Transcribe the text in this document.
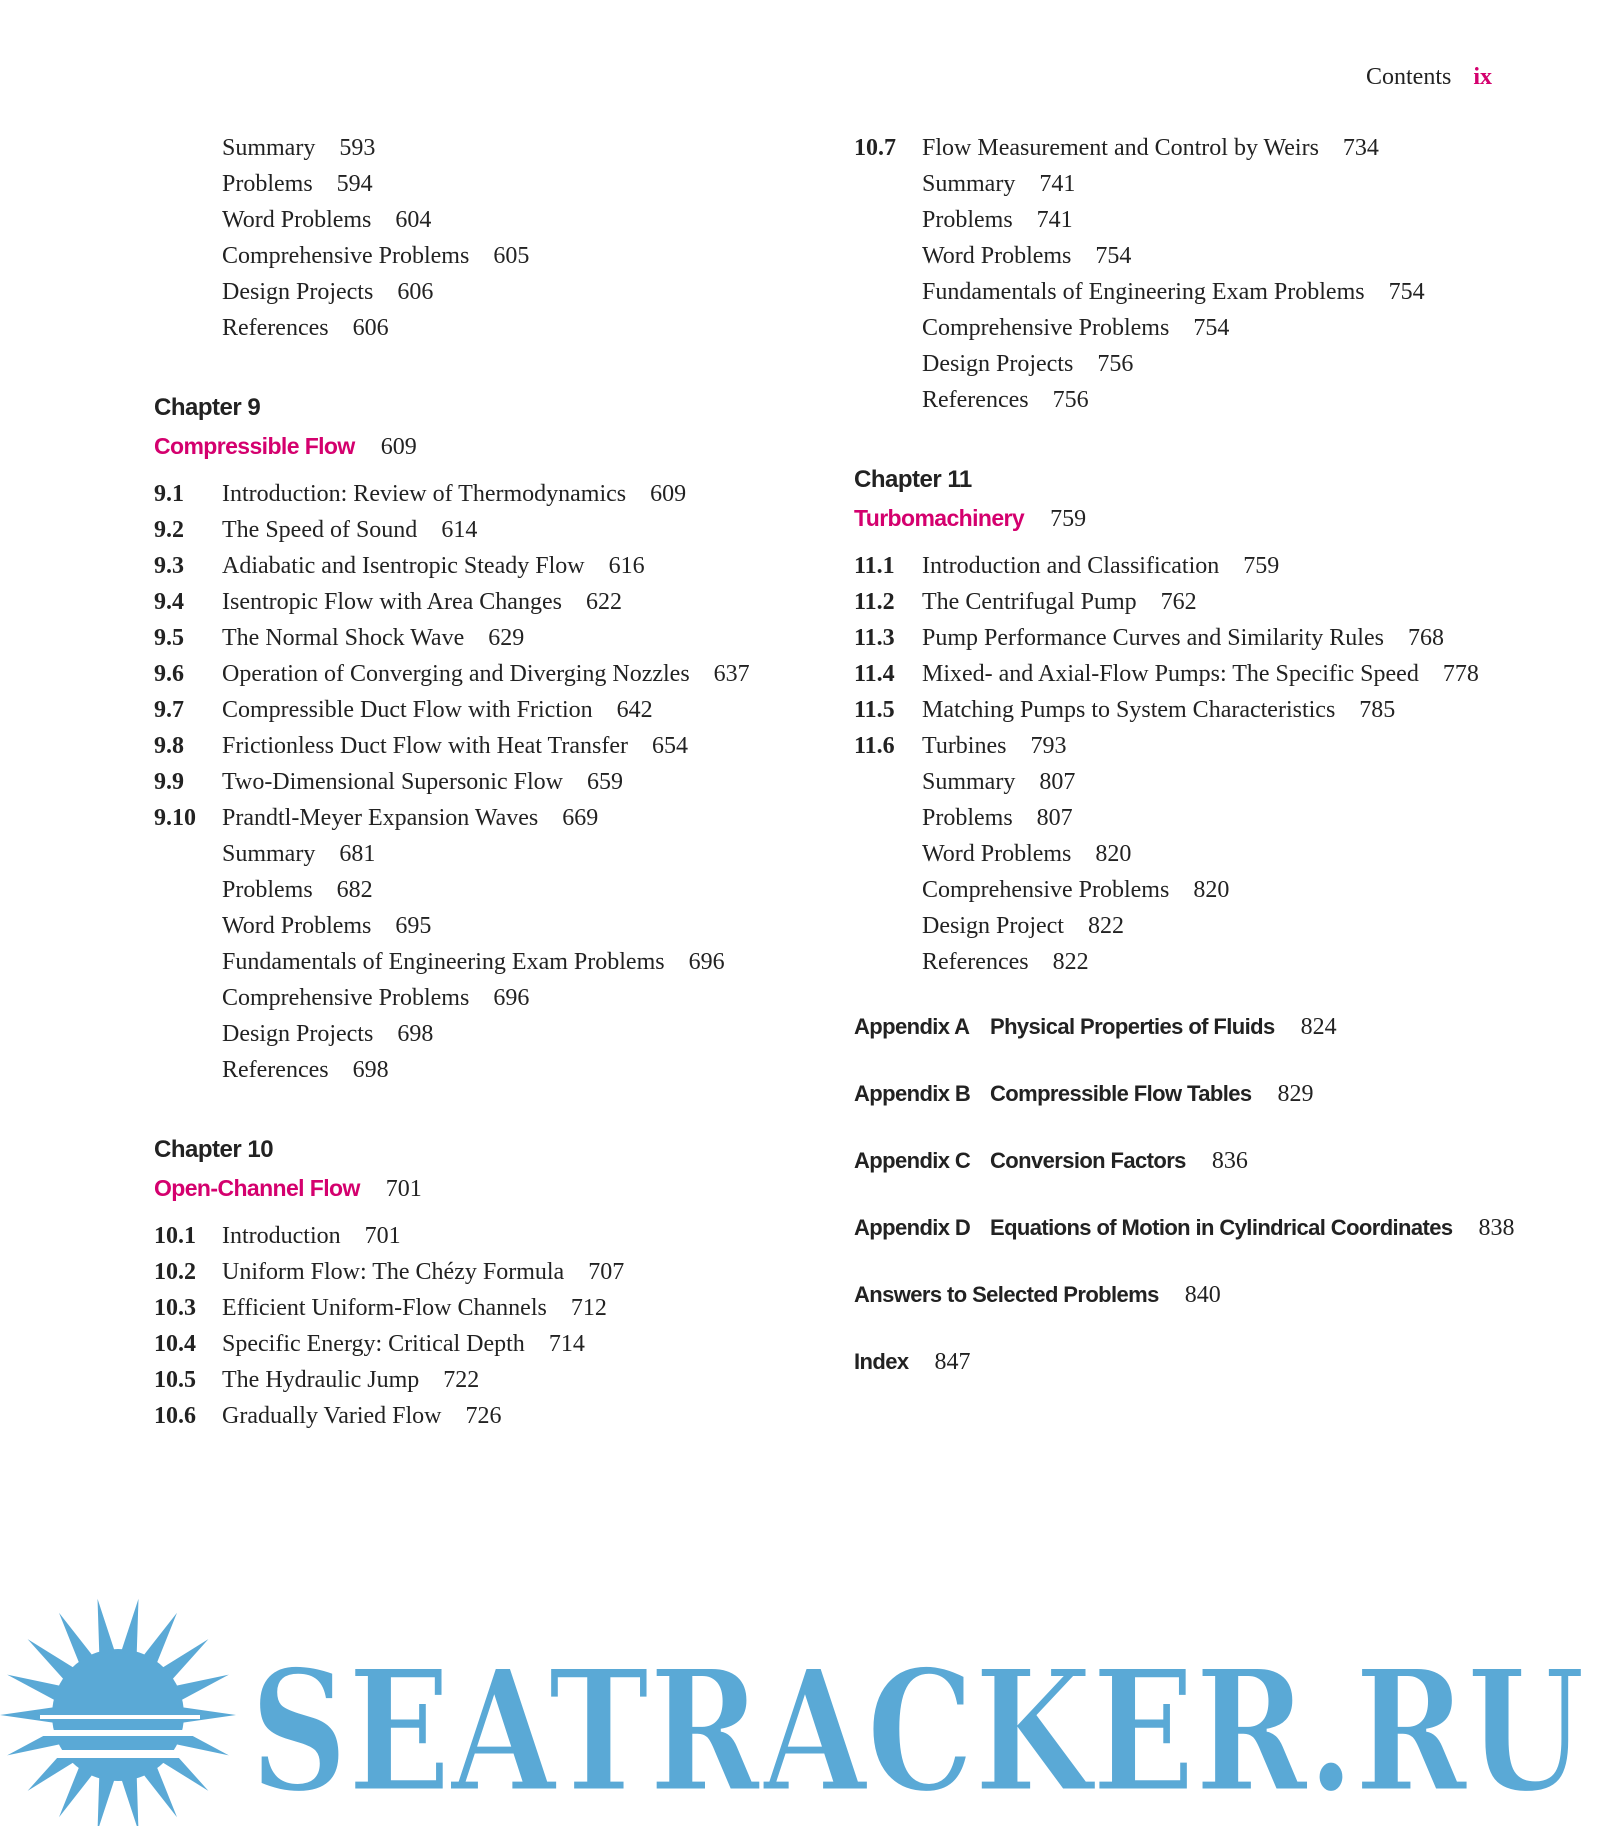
Contents ix
Summary 593
Problems 594
Word Problems 604
Comprehensive Problems 605
Design Projects 606
References 606
Chapter 9
Compressible Flow 609
9.1 Introduction: Review of Thermodynamics 609
9.2 The Speed of Sound 614
9.3 Adiabatic and Isentropic Steady Flow 616
9.4 Isentropic Flow with Area Changes 622
9.5 The Normal Shock Wave 629
9.6 Operation of Converging and Diverging Nozzles 637
9.7 Compressible Duct Flow with Friction 642
9.8 Frictionless Duct Flow with Heat Transfer 654
9.9 Two-Dimensional Supersonic Flow 659
9.10 Prandtl-Meyer Expansion Waves 669
Summary 681
Problems 682
Word Problems 695
Fundamentals of Engineering Exam Problems 696
Comprehensive Problems 696
Design Projects 698
References 698
Chapter 10
Open-Channel Flow 701
10.1 Introduction 701
10.2 Uniform Flow: The Chézy Formula 707
10.3 Efficient Uniform-Flow Channels 712
10.4 Specific Energy: Critical Depth 714
10.5 The Hydraulic Jump 722
10.6 Gradually Varied Flow 726
10.7 Flow Measurement and Control by Weirs 734
Summary 741
Problems 741
Word Problems 754
Fundamentals of Engineering Exam Problems 754
Comprehensive Problems 754
Design Projects 756
References 756
Chapter 11
Turbomachinery 759
11.1 Introduction and Classification 759
11.2 The Centrifugal Pump 762
11.3 Pump Performance Curves and Similarity Rules 768
11.4 Mixed- and Axial-Flow Pumps: The Specific Speed 778
11.5 Matching Pumps to System Characteristics 785
11.6 Turbines 793
Summary 807
Problems 807
Word Problems 820
Comprehensive Problems 820
Design Project 822
References 822
Appendix A Physical Properties of Fluids 824
Appendix B Compressible Flow Tables 829
Appendix C Conversion Factors 836
Appendix D Equations of Motion in Cylindrical Coordinates 838
Answers to Selected Problems 840
Index 847
SEATRACKER.RU
